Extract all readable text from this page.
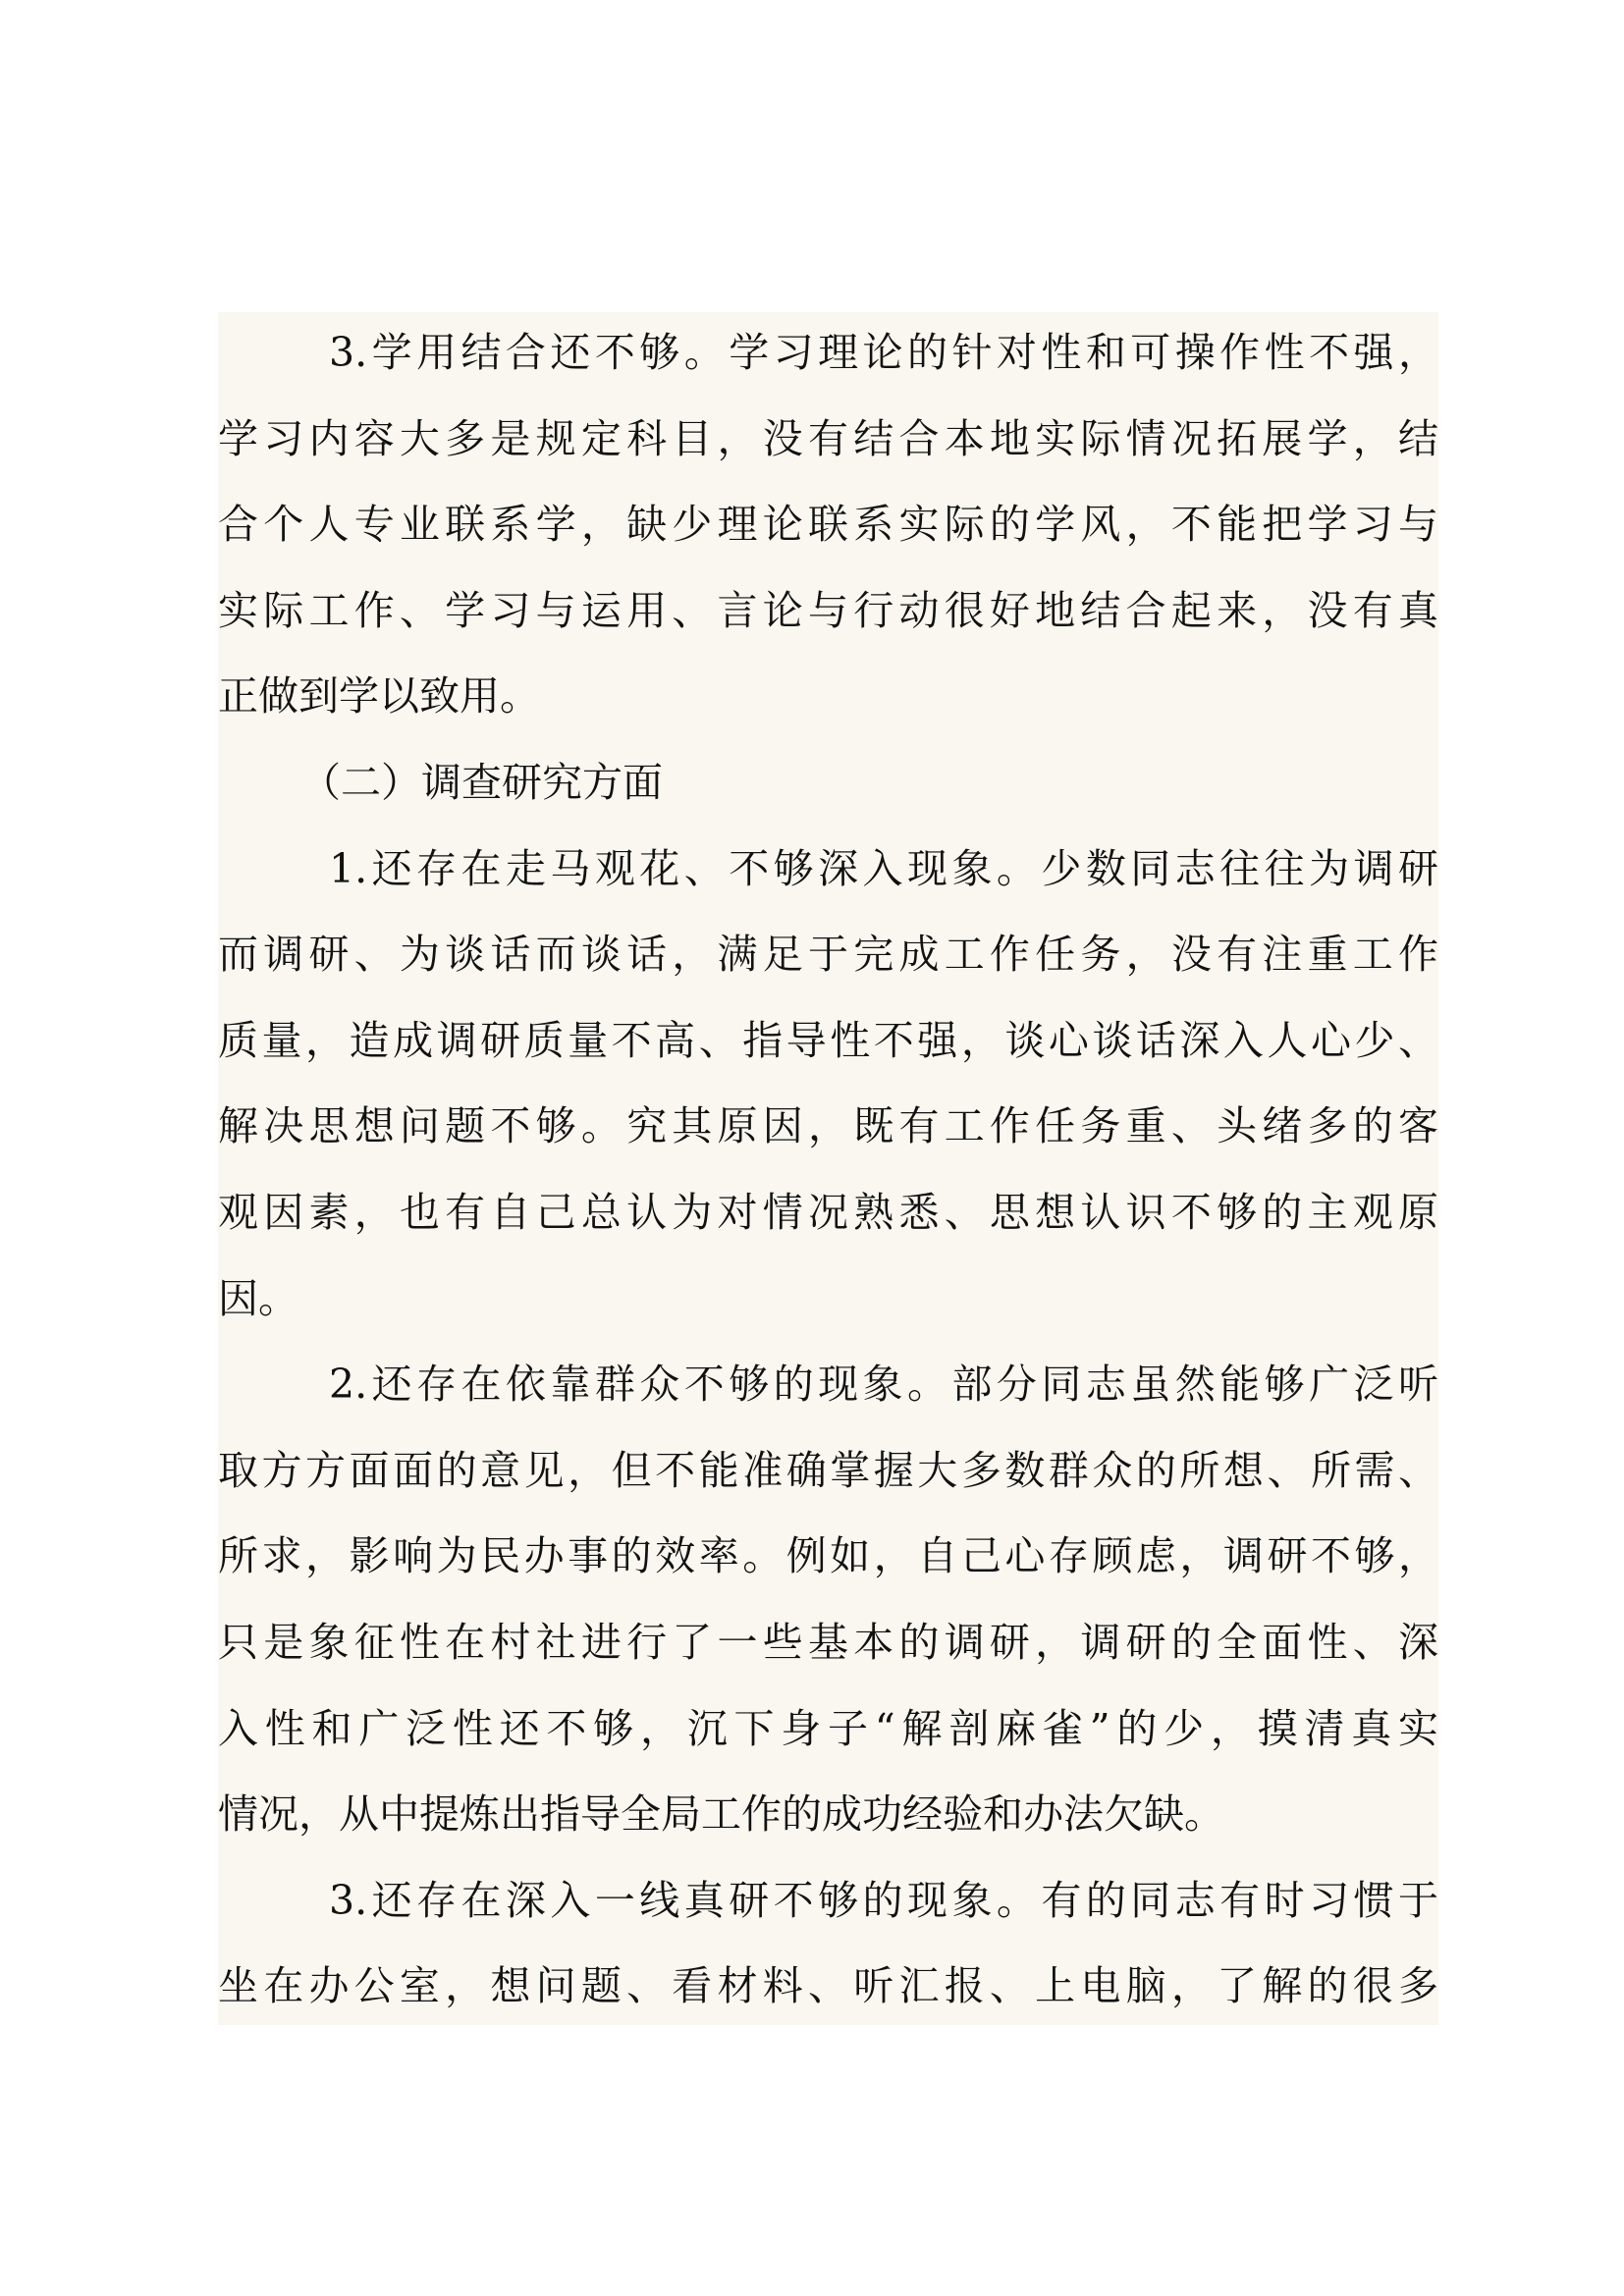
3.学用结合还不够。学习理论的针对性和可操作性不强，
学习内容大多是规定科目，没有结合本地实际情况拓展学，结
合个人专业联系学，缺少理论联系实际的学风，不能把学习与
实际工作、学习与运用、言论与行动很好地结合起来，没有真
正做到学以致用。
（二）调查研究方面
1.还存在走马观花、不够深入现象。少数同志往往为调研
而调研、为谈话而谈话，满足于完成工作任务，没有注重工作
质量，造成调研质量不高、指导性不强，谈心谈话深入人心少、
解决思想问题不够。究其原因，既有工作任务重、头绪多的客
观因素，也有自己总认为对情况熟悉、思想认识不够的主观原
因。
2.还存在依靠群众不够的现象。部分同志虽然能够广泛听
取方方面面的意见，但不能准确掌握大多数群众的所想、所需、
所求，影响为民办事的效率。例如，自己心存顾虑，调研不够，
只是象征性在村社进行了一些基本的调研，调研的全面性、深
入性和广泛性还不够，沉下身子“解剖麻雀”的少，摸清真实
情况，从中提炼出指导全局工作的成功经验和办法欠缺。
3.还存在深入一线真研不够的现象。有的同志有时习惯于
坐在办公室，想问题、看材料、听汇报、上电脑，了解的很多
